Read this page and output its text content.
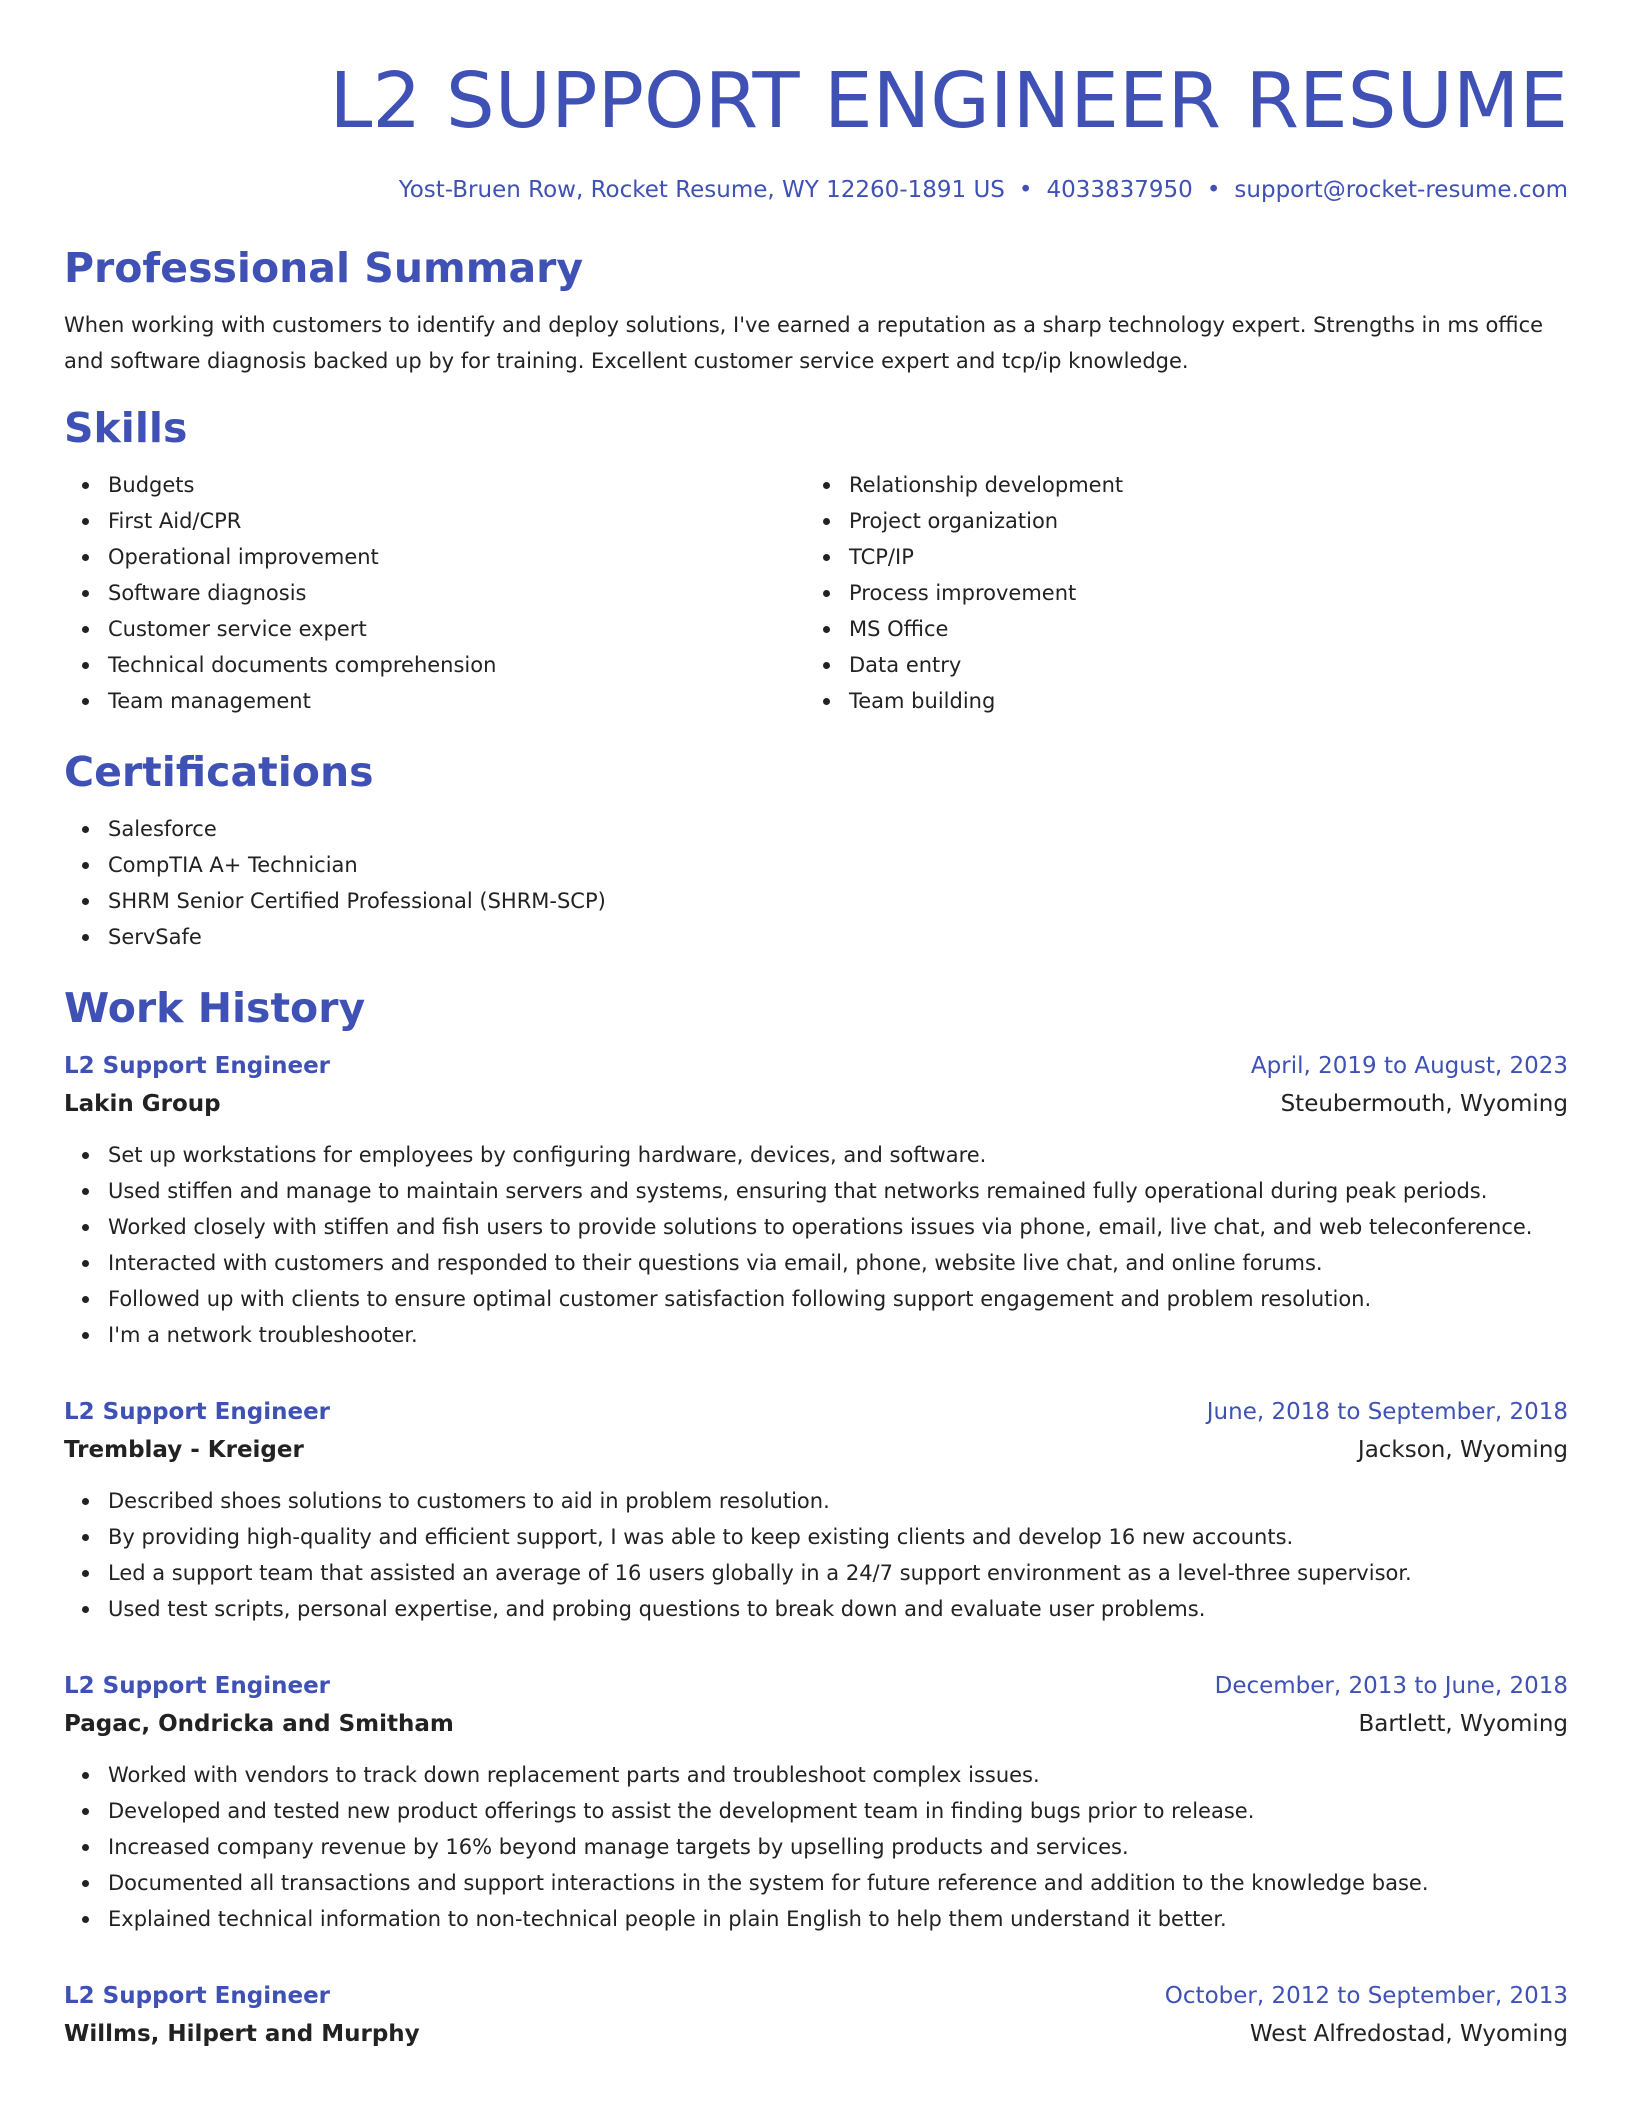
L2 SUPPORT ENGINEER RESUME
Yost-Bruen Row, Rocket Resume, WY 12260-1891 US • 4033837950 • support@rocket-resume.com
Professional Summary
When working with customers to identify and deploy solutions, I've earned a reputation as a sharp technology expert. Strengths in ms office and software diagnosis backed up by for training. Excellent customer service expert and tcp/ip knowledge.
Skills
Budgets
First Aid/CPR
Operational improvement
Software diagnosis
Customer service expert
Technical documents comprehension
Team management
Relationship development
Project organization
TCP/IP
Process improvement
MS Office
Data entry
Team building
Certifications
Salesforce
CompTIA A+ Technician
SHRM Senior Certified Professional (SHRM-SCP)
ServSafe
Work History
L2 Support Engineer	April, 2019 to August, 2023
Lakin Group	Steubermouth, Wyoming
Set up workstations for employees by configuring hardware, devices, and software.
Used stiffen and manage to maintain servers and systems, ensuring that networks remained fully operational during peak periods.
Worked closely with stiffen and fish users to provide solutions to operations issues via phone, email, live chat, and web teleconference.
Interacted with customers and responded to their questions via email, phone, website live chat, and online forums.
Followed up with clients to ensure optimal customer satisfaction following support engagement and problem resolution.
I'm a network troubleshooter.
L2 Support Engineer	June, 2018 to September, 2018
Tremblay - Kreiger	Jackson, Wyoming
Described shoes solutions to customers to aid in problem resolution.
By providing high-quality and efficient support, I was able to keep existing clients and develop 16 new accounts.
Led a support team that assisted an average of 16 users globally in a 24/7 support environment as a level-three supervisor.
Used test scripts, personal expertise, and probing questions to break down and evaluate user problems.
L2 Support Engineer	December, 2013 to June, 2018
Pagac, Ondricka and Smitham	Bartlett, Wyoming
Worked with vendors to track down replacement parts and troubleshoot complex issues.
Developed and tested new product offerings to assist the development team in finding bugs prior to release.
Increased company revenue by 16% beyond manage targets by upselling products and services.
Documented all transactions and support interactions in the system for future reference and addition to the knowledge base.
Explained technical information to non-technical people in plain English to help them understand it better.
L2 Support Engineer	October, 2012 to September, 2013
Willms, Hilpert and Murphy	West Alfredostad, Wyoming
